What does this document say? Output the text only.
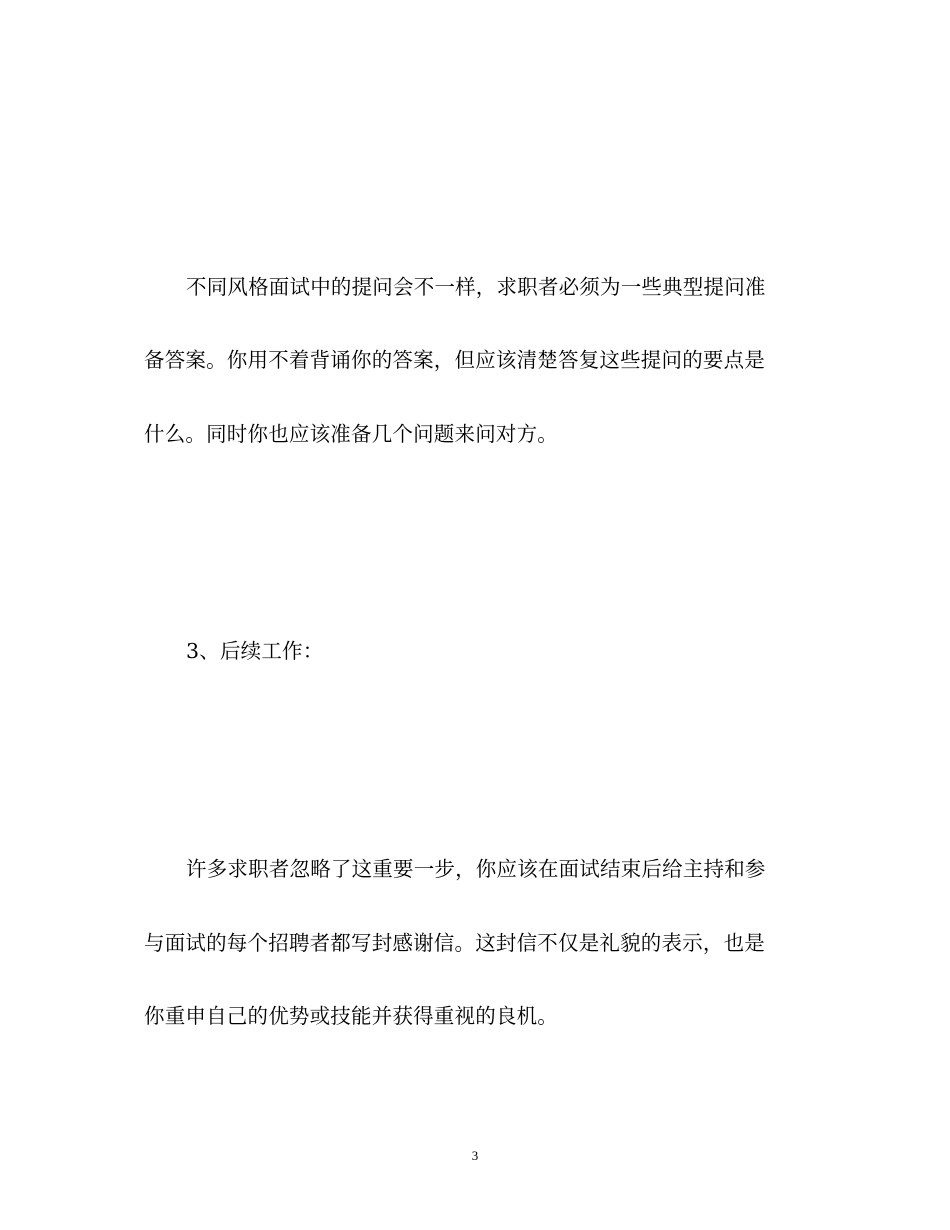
不同风格面试中的提问会不一样，求职者必须为一些典型提问准
备答案。你用不着背诵你的答案，但应该清楚答复这些提问的要点是
什么。同时你也应该准备几个问题来问对方。
3、后续工作：
许多求职者忽略了这重要一步，你应该在面试结束后给主持和参
与面试的每个招聘者都写封感谢信。这封信不仅是礼貌的表示，也是
你重申自己的优势或技能并获得重视的良机。
3
